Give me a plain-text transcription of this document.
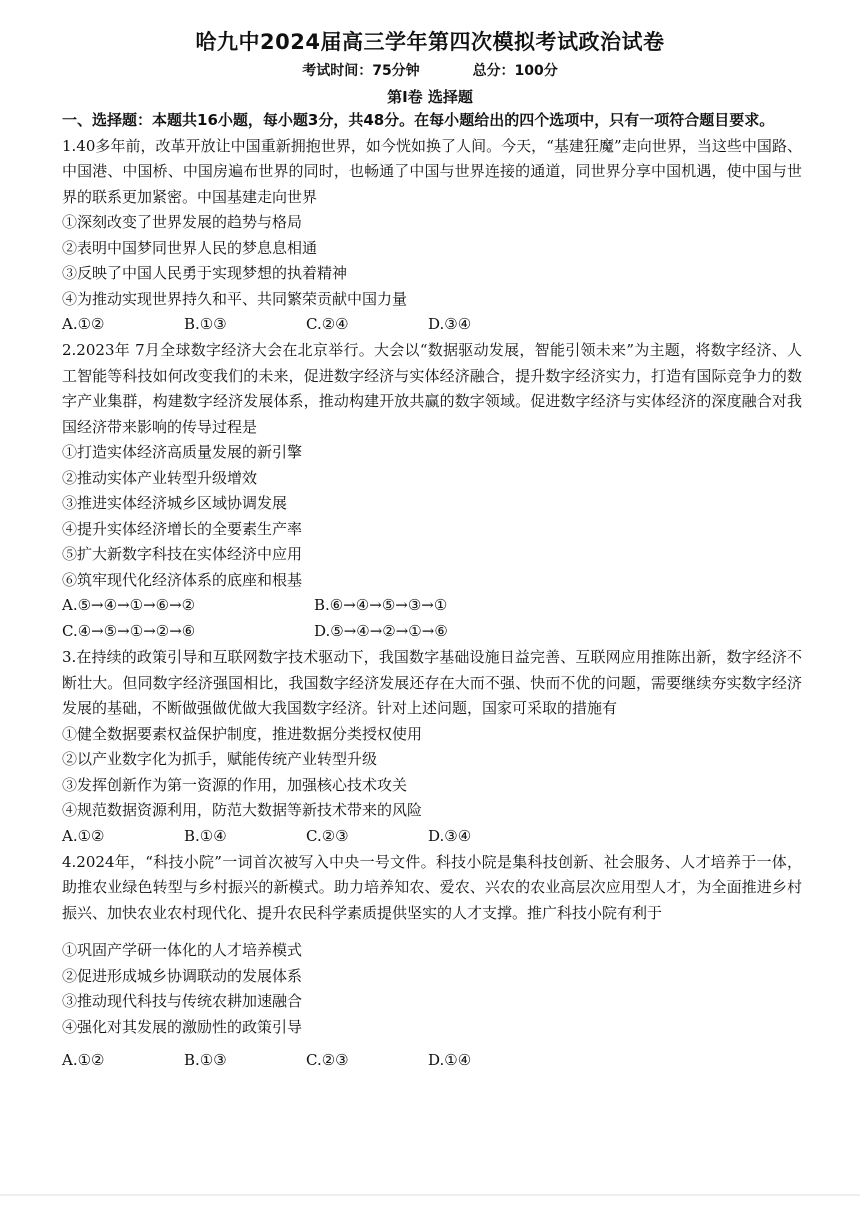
哈九中2024届高三学年第四次模拟考试政治试卷
考试时间：75分钟	总分：100分
第Ⅰ卷 选择题

一、选择题：本题共16小题，每小题3分，共48分。在每小题给出的四个选项中，只有一项符合题目要求。

1.40多年前，改革开放让中国重新拥抱世界，如今恍如换了人间。今天，“基建狂魔”走向世界，当这些中国路、中国港、中国桥、中国房遍布世界的同时，也畅通了中国与世界连接的通道，同世界分享中国机遇，使中国与世界的联系更加紧密。中国基建走向世界

①深刻改变了世界发展的趋势与格局

②表明中国梦同世界人民的梦息息相通

③反映了中国人民勇于实现梦想的执着精神

④为推动实现世界持久和平、共同繁荣贡献中国力量

A.①②	B.①③	C.②④	D.③④

2.2023年 7月全球数字经济大会在北京举行。大会以“数据驱动发展，智能引领未来”为主题，将数字经济、人工智能等科技如何改变我们的未来，促进数字经济与实体经济融合，提升数字经济实力，打造有国际竞争力的数字产业集群，构建数字经济发展体系，推动构建开放共赢的数字领域。促进数字经济与实体经济的深度融合对我国经济带来影响的传导过程是

①打造实体经济高质量发展的新引擎

②推动实体产业转型升级增效

③推进实体经济城乡区域协调发展

④提升实体经济增长的全要素生产率

⑤扩大新数字科技在实体经济中应用

⑥筑牢现代化经济体系的底座和根基

A.⑤→④→①→⑥→②	B.⑥→④→⑤→③→①
C.④→⑤→①→②→⑥	D.⑤→④→②→①→⑥

3.在持续的政策引导和互联网数字技术驱动下，我国数字基础设施日益完善、互联网应用推陈出新，数字经济不断壮大。但同数字经济强国相比，我国数字经济发展还存在大而不强、快而不优的问题，需要继续夯实数字经济发展的基础，不断做强做优做大我国数字经济。针对上述问题，国家可采取的措施有

①健全数据要素权益保护制度，推进数据分类授权使用

②以产业数字化为抓手，赋能传统产业转型升级

③发挥创新作为第一资源的作用，加强核心技术攻关

④规范数据资源利用，防范大数据等新技术带来的风险

A.①②	B.①④	C.②③	D.③④

4.2024年，“科技小院”一词首次被写入中央一号文件。科技小院是集科技创新、社会服务、人才培养于一体，助推农业绿色转型与乡村振兴的新模式。助力培养知农、爱农、兴农的农业高层次应用型人才，为全面推进乡村振兴、加快农业农村现代化、提升农民科学素质提供坚实的人才支撑。推广科技小院有利于

①巩固产学研一体化的人才培养模式

②促进形成城乡协调联动的发展体系

③推动现代科技与传统农耕加速融合

④强化对其发展的激励性的政策引导

A.①②	B.①③	C.②③	D.①④
